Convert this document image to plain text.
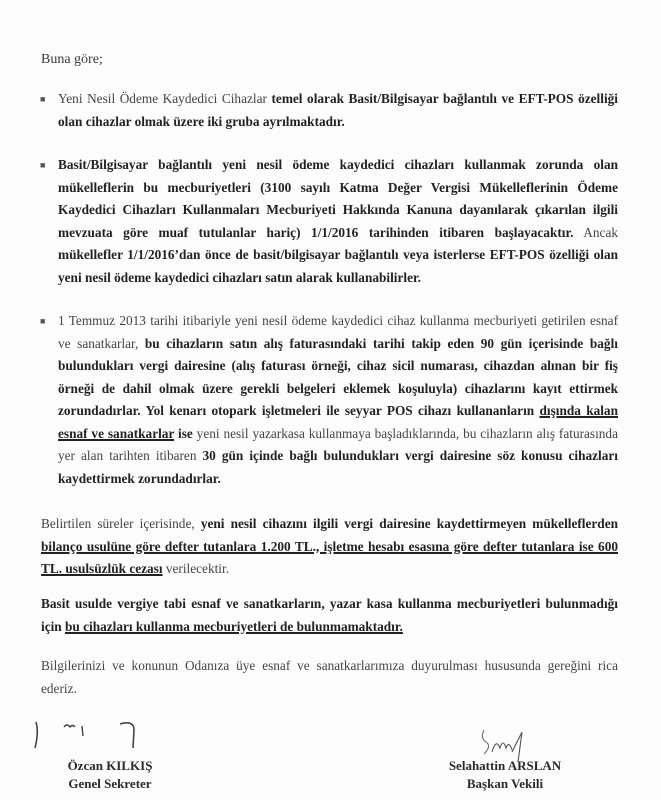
Buna göre;
■ Yeni Nesil Ödeme Kaydedici Cihazlar temel olarak Basit/Bilgisayar bağlantılı ve EFT-POS özelliği olan cihazlar olmak üzere iki gruba ayrılmaktadır.
■ Basit/Bilgisayar bağlantılı yeni nesil ödeme kaydedici cihazları kullanmak zorunda olan mükelleflerin bu mecburiyetleri (3100 sayılı Katma Değer Vergisi Mükelleflerinin Ödeme Kaydedici Cihazları Kullanmaları Mecburiyeti Hakkında Kanuna dayanılarak çıkarılan ilgili mevzuata göre muaf tutulanlar hariç) 1/1/2016 tarihinden itibaren başlayacaktır. Ancak mükellefler 1/1/2016’dan önce de basit/bilgisayar bağlantılı veya isterlerse EFT-POS özelliği olan yeni nesil ödeme kaydedici cihazları satın alarak kullanabilirler.
■ 1 Temmuz 2013 tarihi itibariyle yeni nesil ödeme kaydedici cihaz kullanma mecburiyeti getirilen esnaf ve sanatkarlar, bu cihazların satın alış faturasındaki tarihi takip eden 90 gün içerisinde bağlı bulundukları vergi dairesine (alış faturası örneği, cihaz sicil numarası, cihazdan alınan bir fiş örneği de dahil olmak üzere gerekli belgeleri eklemek koşuluyla) cihazlarını kayıt ettirmek zorundadırlar. Yol kenarı otopark işletmeleri ile seyyar POS cihazı kullananların dışında kalan esnaf ve sanatkarlar ise yeni nesil yazarkasa kullanmaya başladıklarında, bu cihazların alış faturasında yer alan tarihten itibaren 30 gün içinde bağlı bulundukları vergi dairesine söz konusu cihazları kaydettirmek zorundadırlar.
Belirtilen süreler içerisinde, yeni nesil cihazını ilgili vergi dairesine kaydettirmeyen mükelleflerden bilanço usulüne göre defter tutanlara 1.200 TL., işletme hesabı esasına göre defter tutanlara ise 600 TL. usulsüzlük cezası verilecektir.
Basit usulde vergiye tabi esnaf ve sanatkarların, yazar kasa kullanma mecburiyetleri bulunmadığı için bu cihazları kullanma mecburiyetleri de bulunmamaktadır.
Bilgilerinizi ve konunun Odanıza üye esnaf ve sanatkarlarımıza duyurulması hususunda gereğini rica ederiz.
Özcan KILKIŞ
Genel Sekreter
Selahattin ARSLAN
Başkan Vekili
